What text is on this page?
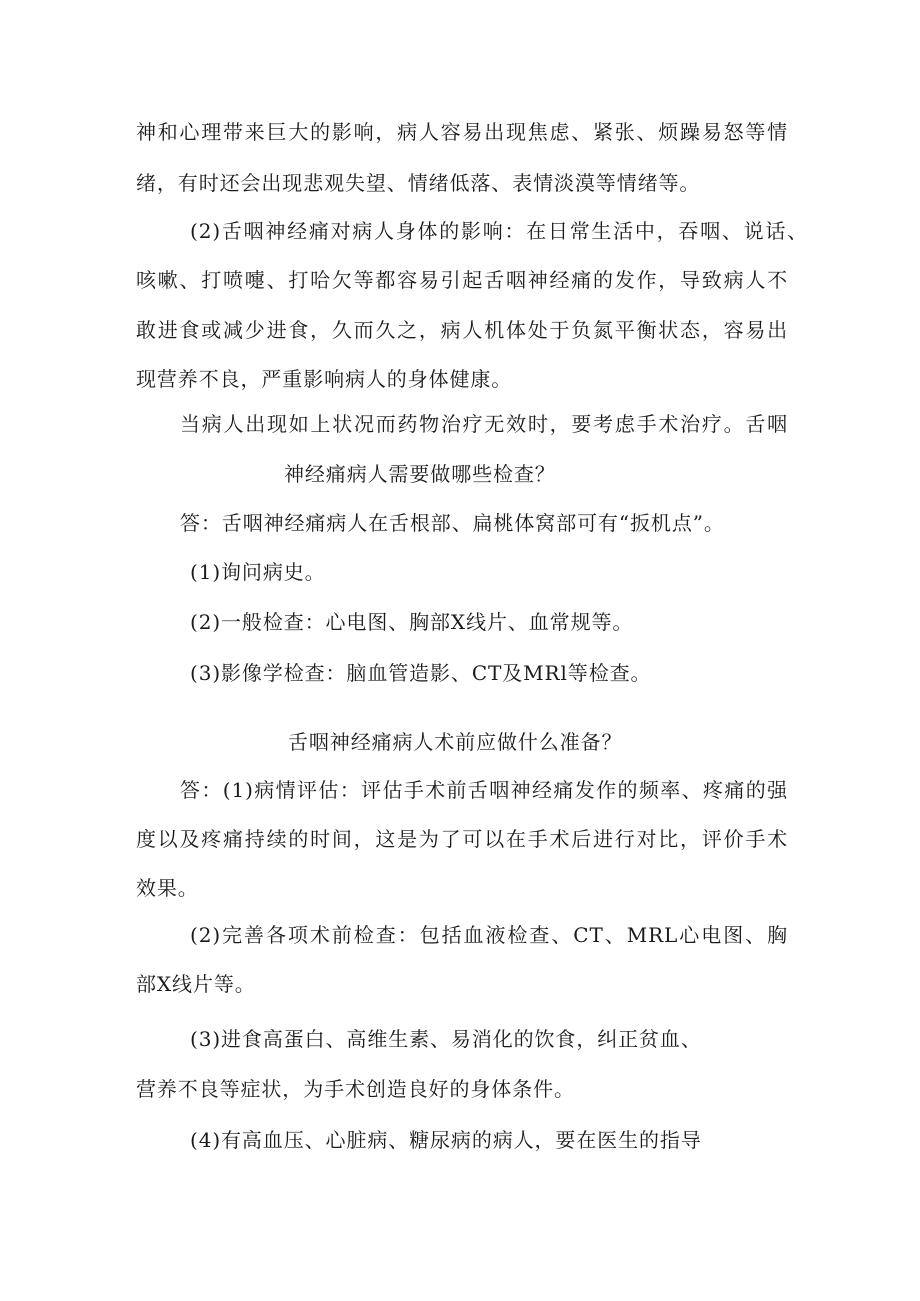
神和心理带来巨大的影响，病人容易出现焦虑、紧张、烦躁易怒等情

绪，有时还会出现悲观失望、情绪低落、表情淡漠等情绪等。

(2)舌咽神经痛对病人身体的影响：在日常生活中，吞咽、说话、

咳嗽、打喷嚏、打哈欠等都容易引起舌咽神经痛的发作，导致病人不

敢进食或减少进食，久而久之，病人机体处于负氮平衡状态，容易出

现营养不良，严重影响病人的身体健康。

当病人出现如上状况而药物治疗无效时，要考虑手术治疗。舌咽

神经痛病人需要做哪些检查？

答：舌咽神经痛病人在舌根部、扁桃体窝部可有“扳机点”。

(1)询问病史。

(2)一般检查：心电图、胸部X线片、血常规等。

(3)影像学检查：脑血管造影、CT及MRl等检查。

舌咽神经痛病人术前应做什么准备？

答：(1)病情评估：评估手术前舌咽神经痛发作的频率、疼痛的强

度以及疼痛持续的时间，这是为了可以在手术后进行对比，评价手术

效果。

(2)完善各项术前检查：包括血液检查、CT、MRL心电图、胸

部X线片等。

(3)进食高蛋白、高维生素、易消化的饮食，纠正贫血、

营养不良等症状，为手术创造良好的身体条件。

(4)有高血压、心脏病、糖尿病的病人，要在医生的指导
